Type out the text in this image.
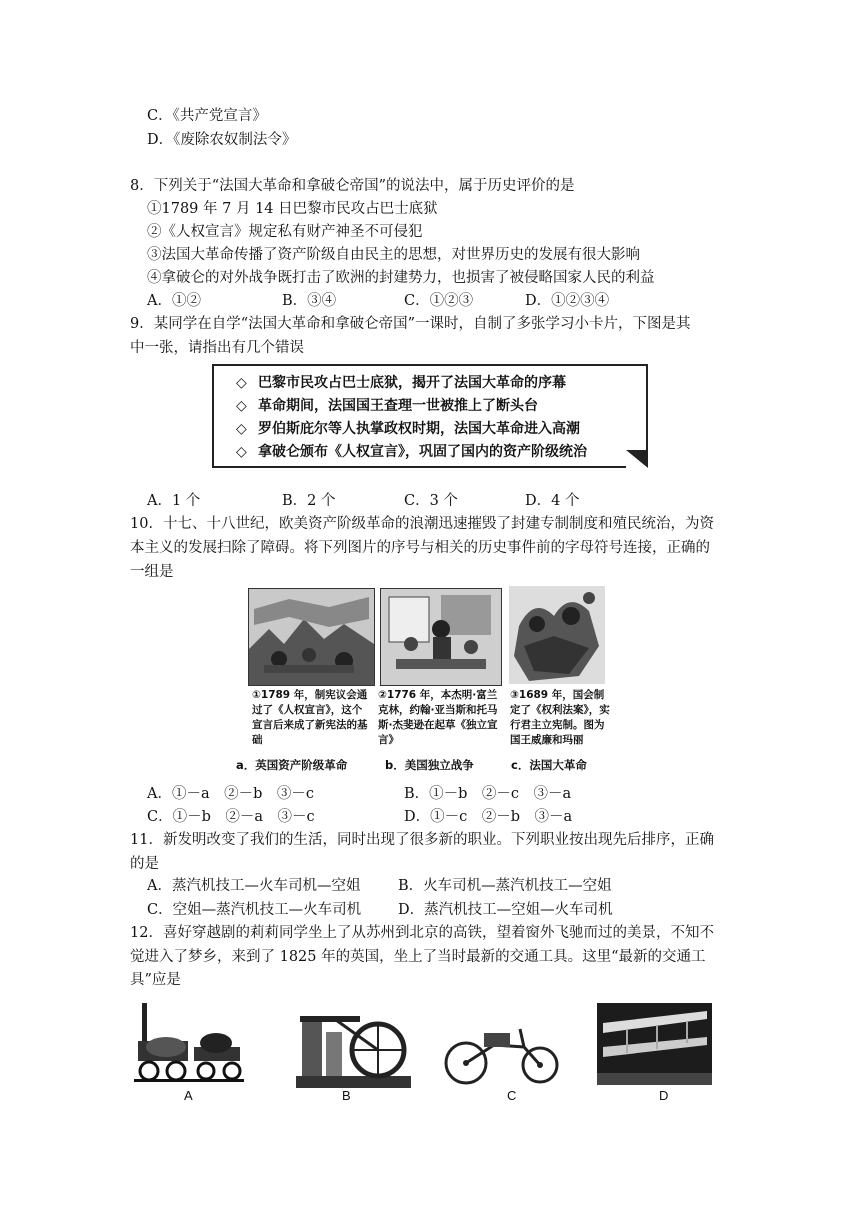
C．《共产党宣言》
D．《废除农奴制法令》
8．下列关于“法国大革命和拿破仑帝国”的说法中，属于历史评价的是
①1789 年 7 月 14 日巴黎市民攻占巴士底狱
②《人权宣言》规定私有财产神圣不可侵犯
③法国大革命传播了资产阶级自由民主的思想，对世界历史的发展有很大影响
④拿破仑的对外战争既打击了欧洲的封建势力，也损害了被侵略国家人民的利益
A．①②	B．③④	C．①②③	D．①②③④
9．某同学在自学“法国大革命和拿破仑帝国”一课时，自制了多张学习小卡片，下图是其
中一张，请指出有几个错误
◇ 巴黎市民攻占巴士底狱，揭开了法国大革命的序幕
◇ 革命期间，法国国王查理一世被推上了断头台
◇ 罗伯斯庇尔等人执掌政权时期，法国大革命进入高潮
◇ 拿破仑颁布《人权宣言》，巩固了国内的资产阶级统治
A．1 个	B．2 个	C．3 个	D．4 个
10．十七、十八世纪，欧美资产阶级革命的浪潮迅速摧毁了封建专制制度和殖民统治，为资
本主义的发展扫除了障碍。将下列图片的序号与相关的历史事件前的字母符号连接，正确的
一组是
①1789 年，制宪议会通过了《人权宣言》，这个宣言后来成了新宪法的基础
②1776 年，本杰明·富兰克林，约翰·亚当斯和托马斯·杰斐逊在起草《独立宣言》
③1689 年，国会制定了《权利法案》，实行君主立宪制。图为国王威廉和玛丽
a．英国资产阶级革命	b．美国独立战争	c．法国大革命
A．①－a　②－b　③－c	B．①－b　②－c　③－a
C．①－b　②－a　③－c	D．①－c　②－b　③－a
11．新发明改变了我们的生活，同时出现了很多新的职业。下列职业按出现先后排序，正确
的是
A．蒸汽机技工—火车司机—空姐	B．火车司机—蒸汽机技工—空姐
C．空姐—蒸汽机技工—火车司机	D．蒸汽机技工—空姐—火车司机
12．喜好穿越剧的莉莉同学坐上了从苏州到北京的高铁，望着窗外飞驰而过的美景，不知不
觉进入了梦乡，来到了 1825 年的英国，坐上了当时最新的交通工具。这里“最新的交通工
具”应是
A	B	C	D
